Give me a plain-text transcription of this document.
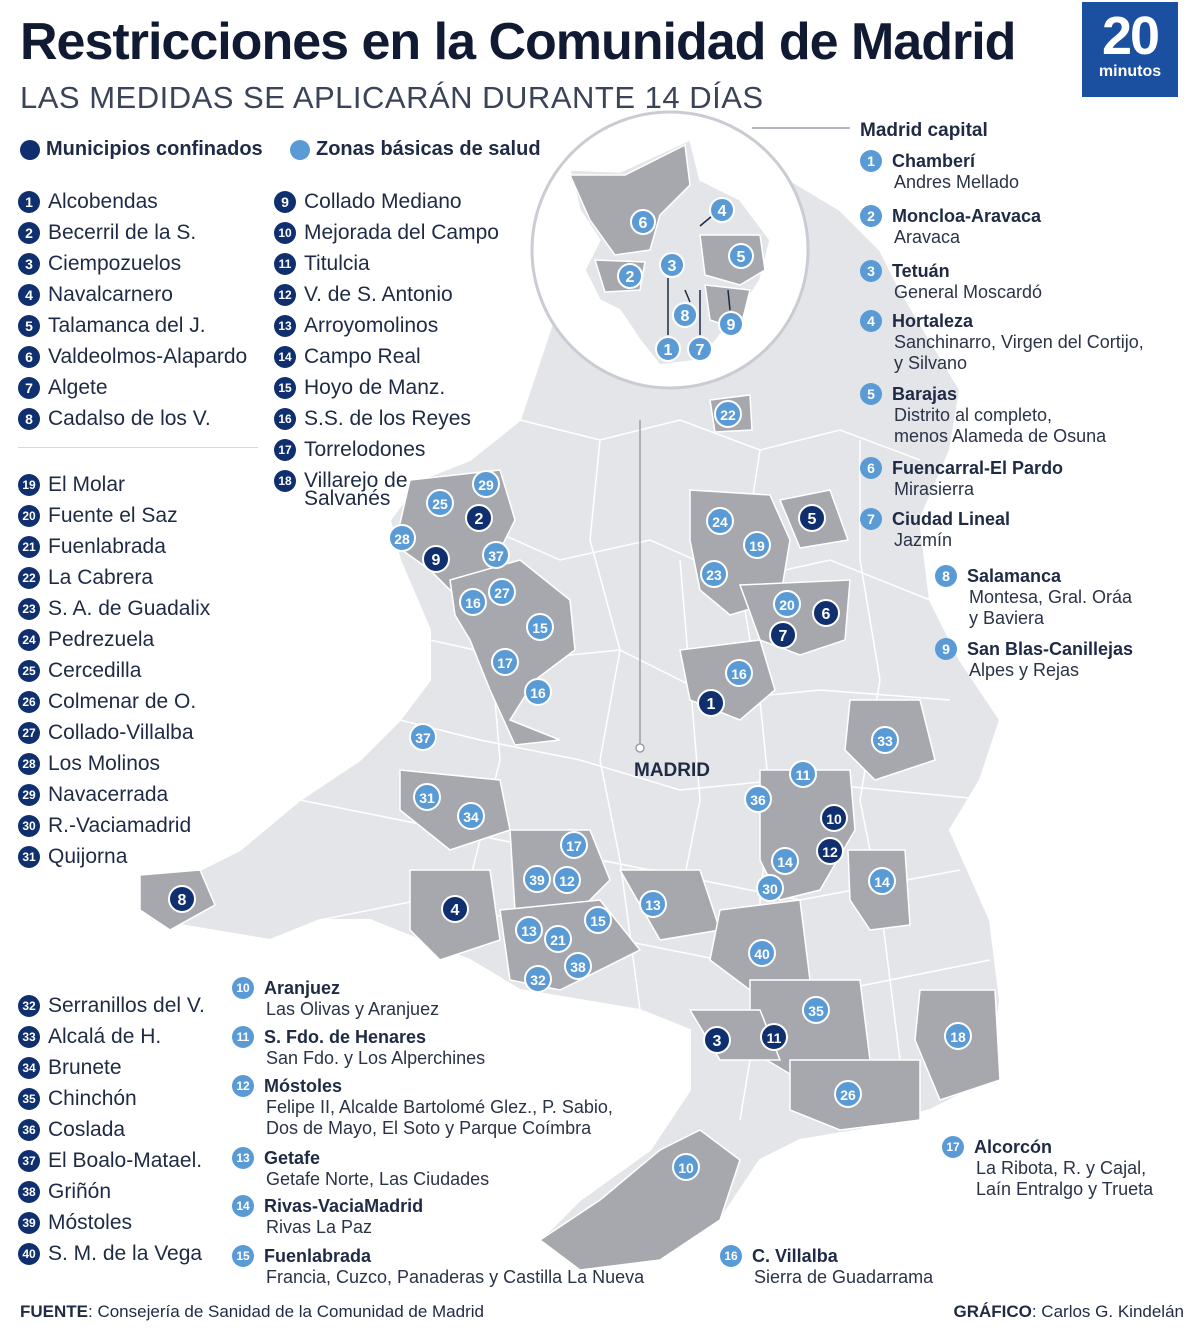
22
5
29
25
2
28
9	37
27
16
15
17
16
24
19
23
20
6
7
16
1
33
37
11
36
31
34	10
12
17
14
14
39 12	30
8
4	13
15
13
21
40
38
32
35
3	11	18
26
10
6
4
5
2
3
8
9
1 7
MADRID
Restricciones en la Comunidad de Madrid
LAS MEDIDAS SE APLICARÁN DURANTE 14 DÍAS
20
minutos
Municipios confinados	Zonas básicas de salud
1 Alcobendas
2 Becerril de la S.
3 Ciempozuelos
4 Navalcarnero
5 Talamanca del J.
6 Valdeolmos-Alapardo
7 Algete
8 Cadalso de los V.
9 Collado Mediano
10 Mejorada del Campo
11 Titulcia
12 V. de S. Antonio
13 Arroyomolinos
14 Campo Real
15 Hoyo de Manz.
16 S.S. de los Reyes
17 Torrelodones
18 Villarejo de
Salvanés
19 El Molar
20 Fuente el Saz
21 Fuenlabrada
22 La Cabrera
23 S. A. de Guadalix
24 Pedrezuela
25 Cercedilla
26 Colmenar de O.
27 Collado-Villalba
28 Los Molinos
29 Navacerrada
30 R.-Vaciamadrid
31 Quijorna
32 Serranillos del V.
33 Alcalá de H.
34 Brunete
35 Chinchón
36 Coslada
37 El Boalo-Matael.
38 Griñón
39 Móstoles
40 S. M. de la Vega
Madrid capital
1 Chamberí
Andres Mellado
2 Moncloa-Aravaca
Aravaca
3 Tetuán
General Moscardó
4 Hortaleza
Sanchinarro, Virgen del Cortijo,
y Silvano
5 Barajas
Distrito al completo,
menos Alameda de Osuna
6 Fuencarral-El Pardo
Mirasierra
7 Ciudad Lineal
Jazmín
8 Salamanca
Montesa, Gral. Oráa
y Baviera
9 San Blas-Canillejas
Alpes y Rejas
10 Aranjuez
Las Olivas y Aranjuez
11 S. Fdo. de Henares
San Fdo. y Los Alperchines
12 Móstoles
Felipe II, Alcalde Bartolomé Glez., P. Sabio,
Dos de Mayo, El Soto y Parque Coímbra
13 Getafe
Getafe Norte, Las Ciudades
14 Rivas-VaciaMadrid
Rivas La Paz
15 Fuenlabrada
Francia, Cuzco, Panaderas y Castilla La Nueva
16 C. Villalba
Sierra de Guadarrama
17 Alcorcón
La Ribota, R. y Cajal,
Laín Entralgo y Trueta
FUENTE: Consejería de Sanidad de la Comunidad de Madrid	GRÁFICO: Carlos G. Kindelán
